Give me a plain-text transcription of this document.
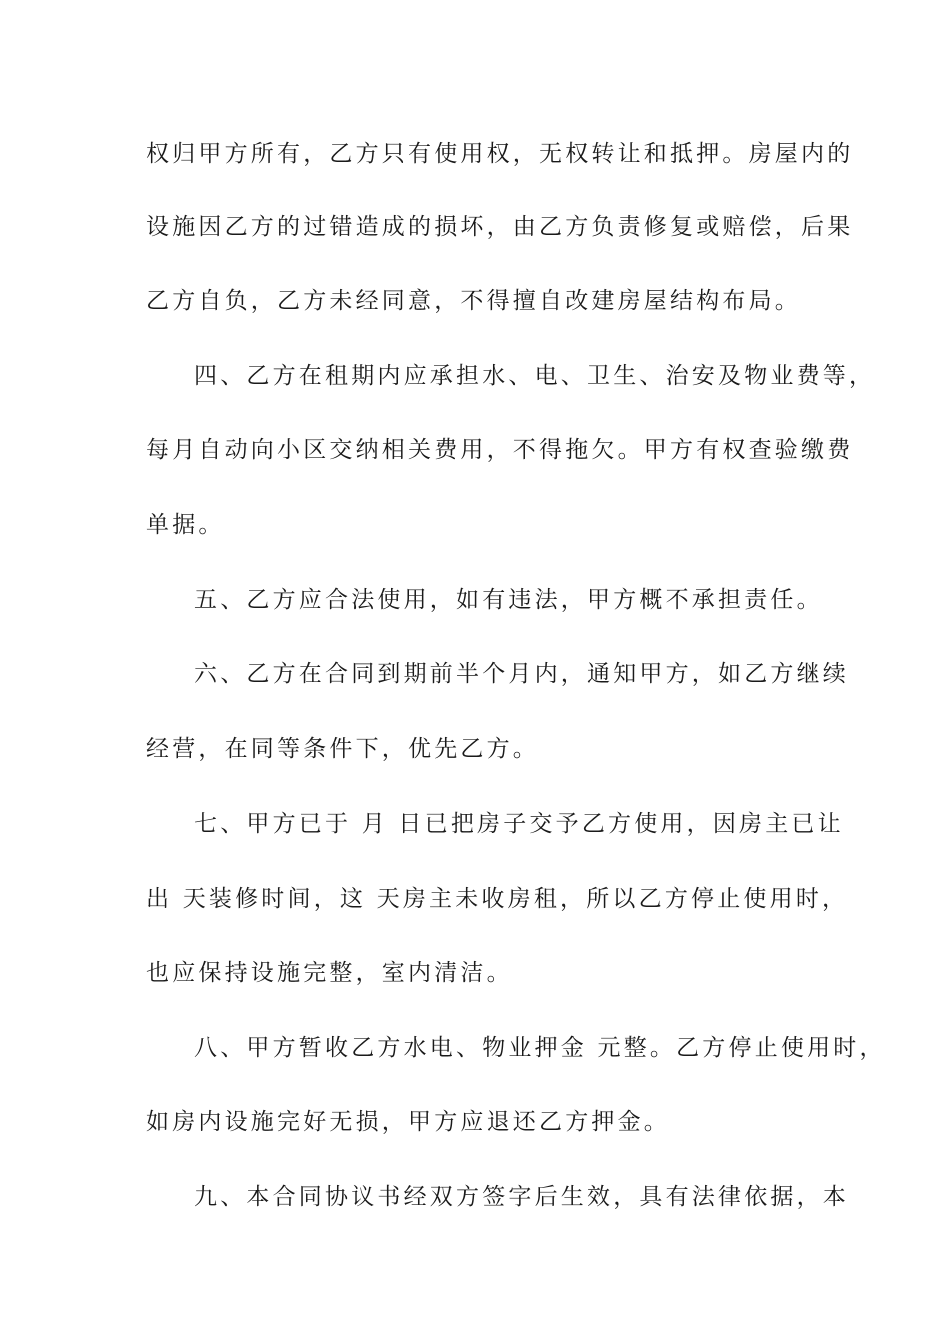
权归甲方所有，乙方只有使用权，无权转让和抵押。房屋内的
设施因乙方的过错造成的损坏，由乙方负责修复或赔偿，后果
乙方自负，乙方未经同意，不得擅自改建房屋结构布局。
四、乙方在租期内应承担水、电、卫生、治安及物业费等，
每月自动向小区交纳相关费用，不得拖欠。甲方有权查验缴费
单据。
五、乙方应合法使用，如有违法，甲方概不承担责任。
六、乙方在合同到期前半个月内，通知甲方，如乙方继续
经营，在同等条件下，优先乙方。
七、甲方已于 月 日已把房子交予乙方使用，因房主已让
出 天装修时间，这 天房主未收房租，所以乙方停止使用时，
也应保持设施完整，室内清洁。
八、甲方暂收乙方水电、物业押金 元整。乙方停止使用时，
如房内设施完好无损，甲方应退还乙方押金。
九、本合同协议书经双方签字后生效，具有法律依据，本
